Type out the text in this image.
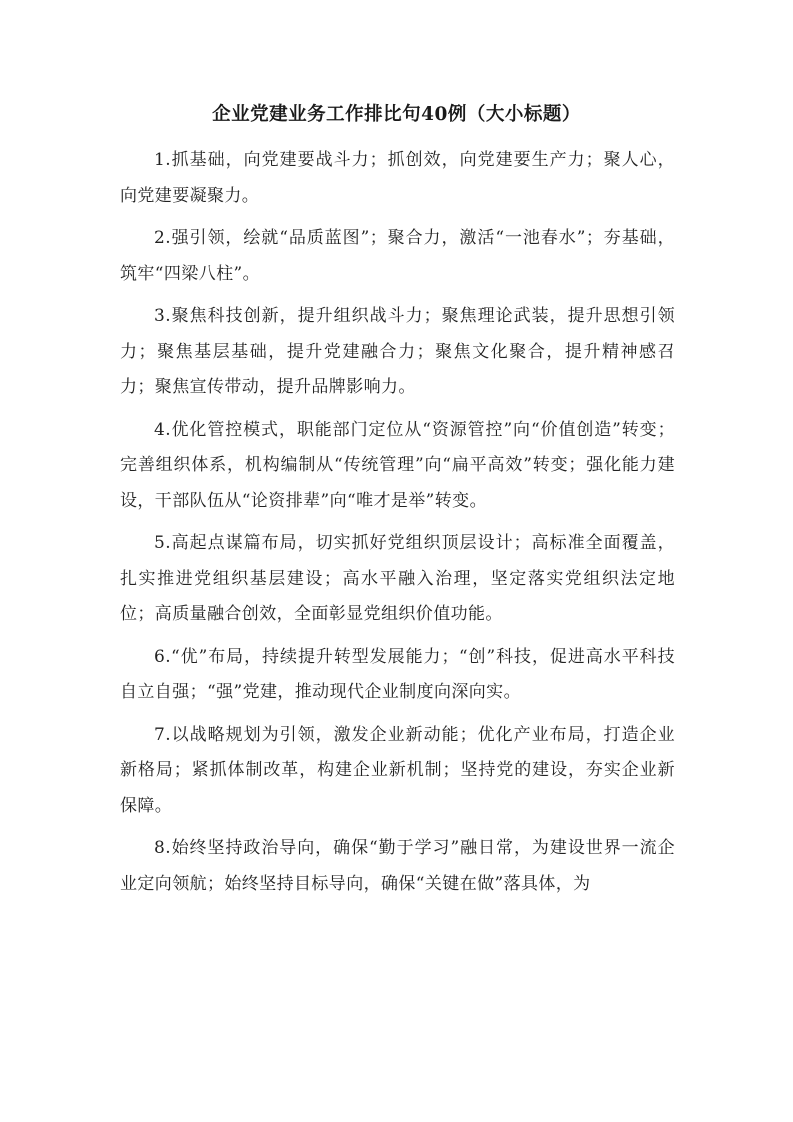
企业党建业务工作排比句40例（大小标题）

1.抓基础，向党建要战斗力；抓创效，向党建要生产力；聚人心，向党建要凝聚力。

2.强引领，绘就“品质蓝图”；聚合力，激活“一池春水”；夯基础，筑牢“四梁八柱”。

3.聚焦科技创新，提升组织战斗力；聚焦理论武装，提升思想引领力；聚焦基层基础，提升党建融合力；聚焦文化聚合，提升精神感召力；聚焦宣传带动，提升品牌影响力。

4.优化管控模式，职能部门定位从“资源管控”向“价值创造”转变；完善组织体系，机构编制从“传统管理”向“扁平高效”转变；强化能力建设，干部队伍从“论资排辈”向“唯才是举”转变。

5.高起点谋篇布局，切实抓好党组织顶层设计；高标准全面覆盖，扎实推进党组织基层建设；高水平融入治理，坚定落实党组织法定地位；高质量融合创效，全面彰显党组织价值功能。

6.“优”布局，持续提升转型发展能力；“创”科技，促进高水平科技自立自强；“强”党建，推动现代企业制度向深向实。

7.以战略规划为引领，激发企业新动能；优化产业布局，打造企业新格局；紧抓体制改革，构建企业新机制；坚持党的建设，夯实企业新保障。

8.始终坚持政治导向，确保“勤于学习”融日常，为建设世界一流企业定向领航；始终坚持目标导向，确保“关键在做”落具体，为
